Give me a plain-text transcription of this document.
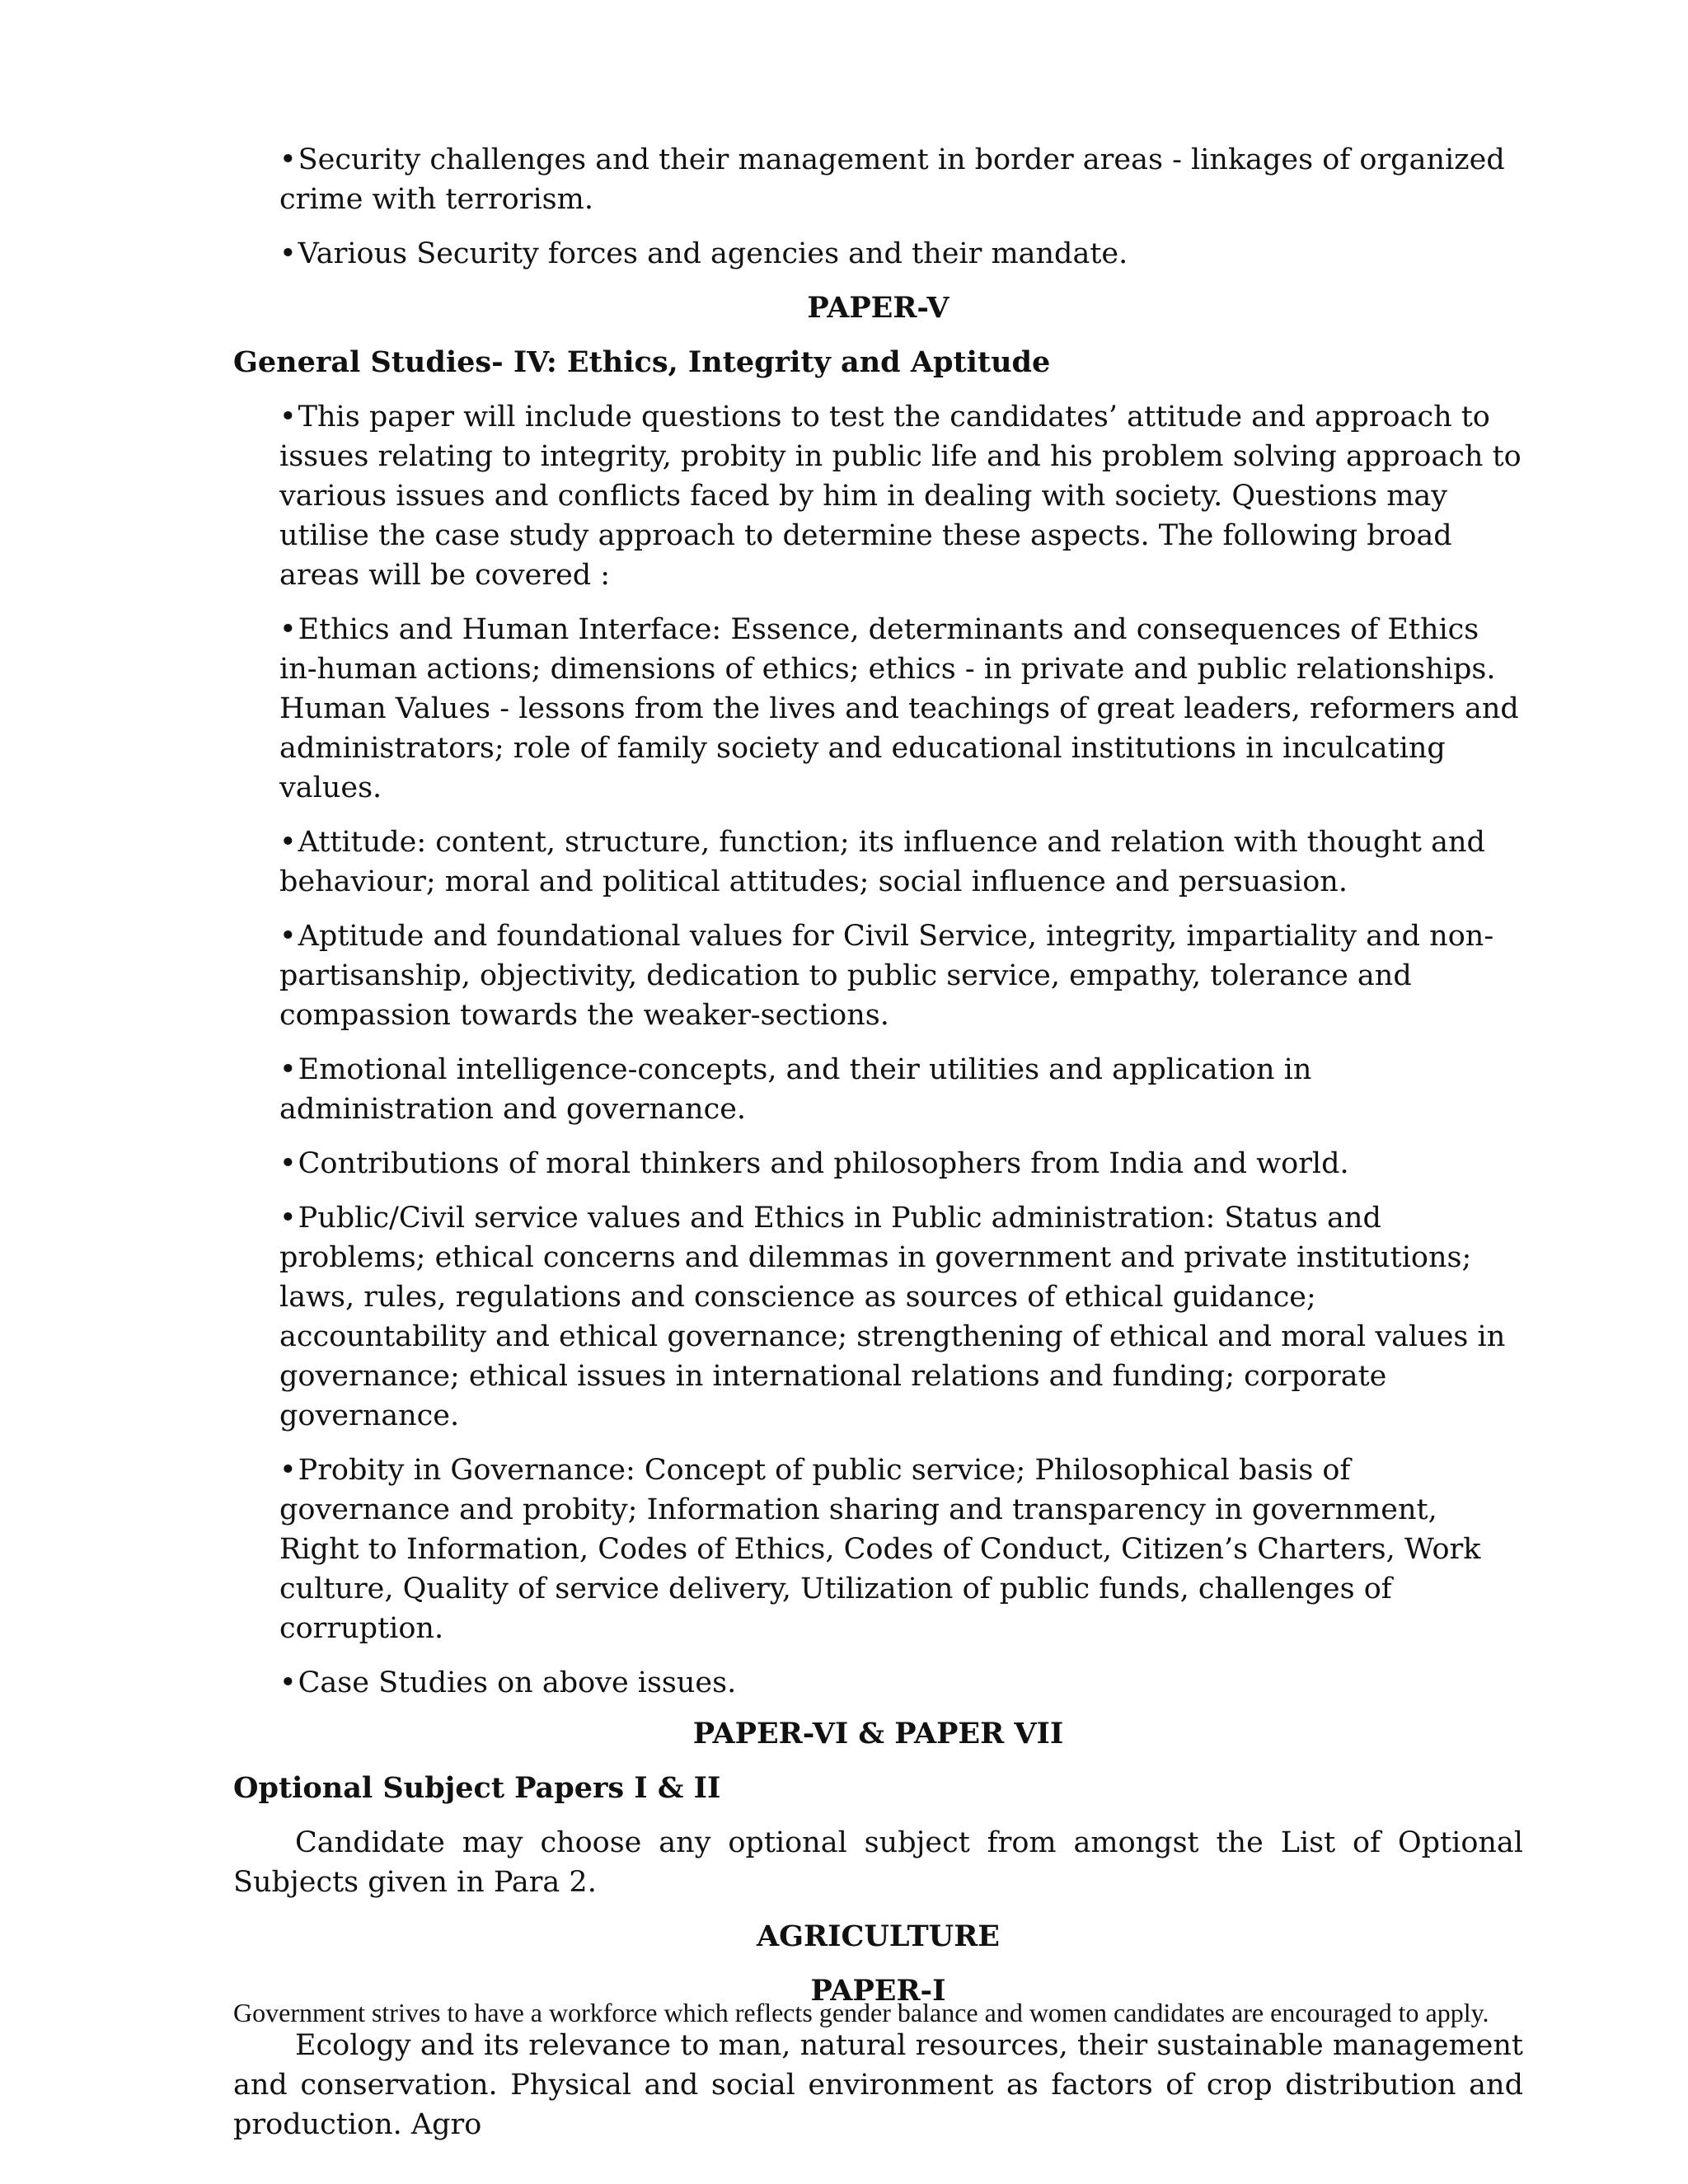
•Security challenges and their management in border areas - linkages of organized crime with terrorism.
•Various Security forces and agencies and their mandate.
PAPER-V
General Studies- IV: Ethics, Integrity and Aptitude
•This paper will include questions to test the candidates’ attitude and approach to issues relating to integrity, probity in public life and his problem solving approach to various issues and conflicts faced by him in dealing with society. Questions may utilise the case study approach to determine these aspects. The following broad areas will be covered :
•Ethics and Human Interface: Essence, determinants and consequences of Ethics in-human actions; dimensions of ethics; ethics - in private and public relationships. Human Values - lessons from the lives and teachings of great leaders, reformers and administrators; role of family society and educational institutions in inculcating values.
•Attitude: content, structure, function; its influence and relation with thought and behaviour; moral and political attitudes; social influence and persuasion.
•Aptitude and foundational values for Civil Service, integrity, impartiality and non-partisanship, objectivity, dedication to public service, empathy, tolerance and compassion towards the weaker-sections.
•Emotional intelligence-concepts, and their utilities and application in administration and governance.
•Contributions of moral thinkers and philosophers from India and world.
•Public/Civil service values and Ethics in Public administration: Status and problems; ethical concerns and dilemmas in government and private institutions; laws, rules, regulations and conscience as sources of ethical guidance; accountability and ethical governance; strengthening of ethical and moral values in governance; ethical issues in international relations and funding; corporate governance.
•Probity in Governance: Concept of public service; Philosophical basis of governance and probity; Information sharing and transparency in government, Right to Information, Codes of Ethics, Codes of Conduct, Citizen’s Charters, Work culture, Quality of service delivery, Utilization of public funds, challenges of corruption.
•Case Studies on above issues.
PAPER-VI & PAPER VII
Optional Subject Papers I & II
Candidate may choose any optional subject from amongst the List of Optional Subjects given in Para 2.
AGRICULTURE
PAPER-I
Ecology and its relevance to man, natural resources, their sustainable management and conservation. Physical and social environment as factors of crop distribution and production. Agro
Government strives to have a workforce which reflects gender balance and women candidates are encouraged to apply.
